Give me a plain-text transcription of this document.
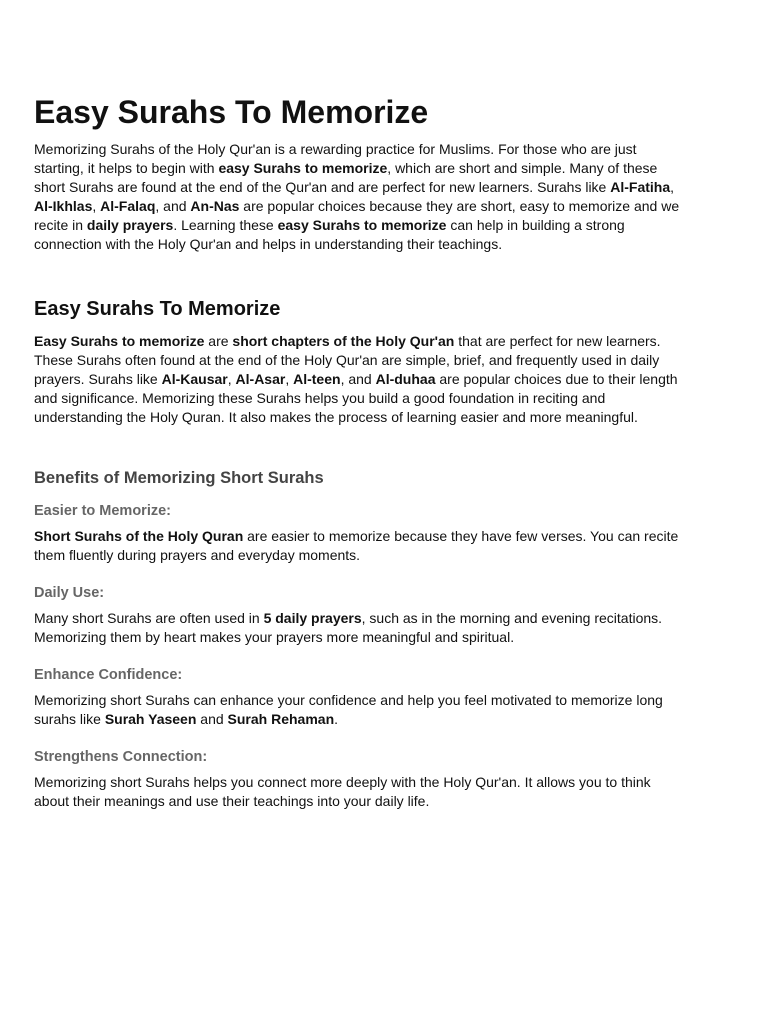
Easy Surahs To Memorize

Memorizing Surahs of the Holy Qur'an is a rewarding practice for Muslims. For those who are just starting, it helps to begin with easy Surahs to memorize, which are short and simple. Many of these short Surahs are found at the end of the Qur'an and are perfect for new learners. Surahs like Al-Fatiha, Al-Ikhlas, Al-Falaq, and An-Nas are popular choices because they are short, easy to memorize and we recite in daily prayers. Learning these easy Surahs to memorize can help in building a strong connection with the Holy Qur'an and helps in understanding their teachings.

Easy Surahs To Memorize

Easy Surahs to memorize are short chapters of the Holy Qur'an that are perfect for new learners. These Surahs often found at the end of the Holy Qur'an are simple, brief, and frequently used in daily prayers. Surahs like Al-Kausar, Al-Asar, Al-teen, and Al-duhaa are popular choices due to their length and significance. Memorizing these Surahs helps you build a good foundation in reciting and understanding the Holy Quran. It also makes the process of learning easier and more meaningful.

Benefits of Memorizing Short Surahs
Easier to Memorize:

Short Surahs of the Holy Quran are easier to memorize because they have few verses. You can recite them fluently during prayers and everyday moments.

Daily Use:

Many short Surahs are often used in 5 daily prayers, such as in the morning and evening recitations. Memorizing them by heart makes your prayers more meaningful and spiritual.

Enhance Confidence:

Memorizing short Surahs can enhance your confidence and help you feel motivated to memorize long surahs like Surah Yaseen and Surah Rehaman.

Strengthens Connection:

Memorizing short Surahs helps you connect more deeply with the Holy Qur'an. It allows you to think about their meanings and use their teachings into your daily life.
